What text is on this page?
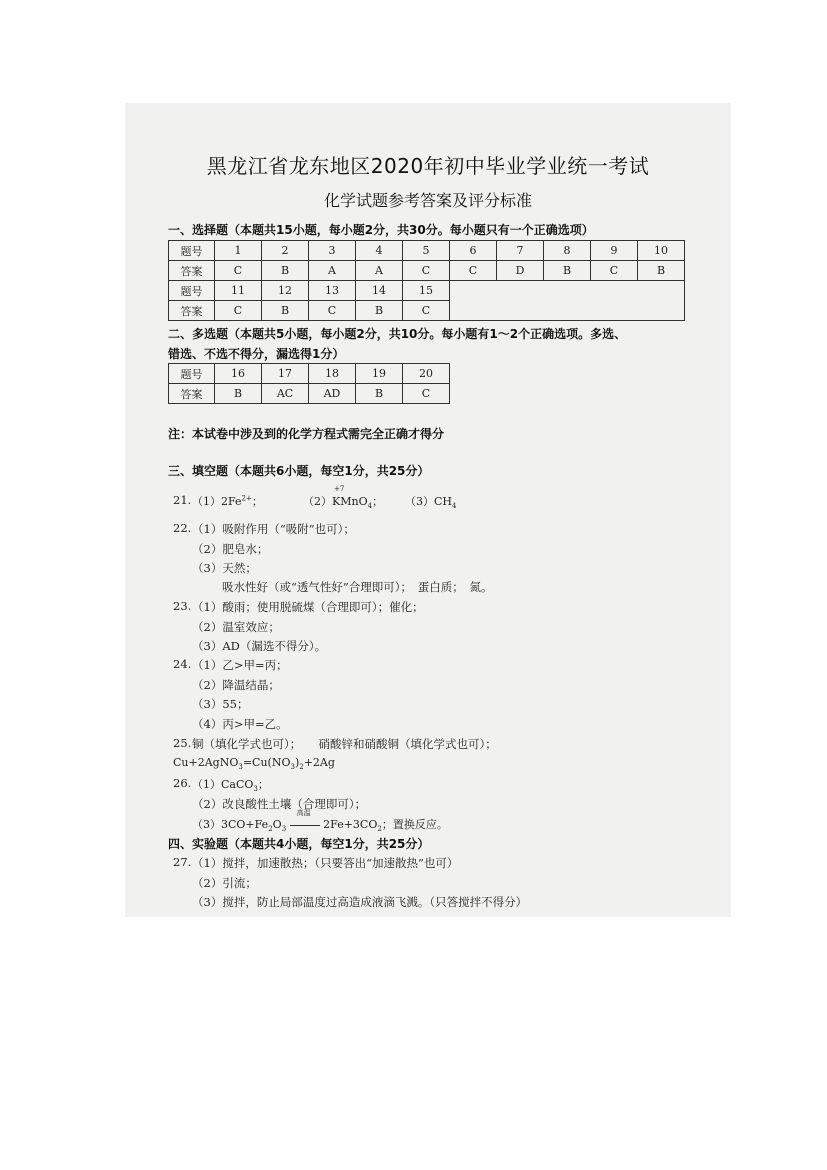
黑龙江省龙东地区2020年初中毕业学业统一考试
化学试题参考答案及评分标准
一、选择题（本题共15小题，每小题2分，共30分。每小题只有一个正确选项）
题号	1	2	3	4	5	6	7	8	9	10
答案	C	B	A	A	C	C	D	B	C	B
题号	11	12	13	14	15					
答案	C	B	C	B	C					
二、多选题（本题共5小题，每小题2分，共10分。每小题有1～2个正确选项。多选、
错选、不选不得分，漏选得1分）
题号	16	17	18	19	20
答案	B	AC	AD	B	C
注：本试卷中涉及到的化学方程式需完全正确才得分
三、填空题（本题共6小题，每空1分，共25分）
21. $(1)2Fe^{2+}$；	（2）
+7
KMnO$_4$； $(3)CH_4$
22. （1）吸附作用（“吸附”也可）；
（2）肥皂水；
（3）天然；
吸水性好（或“透气性好”合理即可）；　蛋白质；　氮。
23. （1）酸雨；使用脱硫煤（合理即可）；催化；
（2）温室效应；
（3）AD（漏选不得分）。
24. （1）乙>甲=丙；
（2）降温结晶；
（3）55；
（4）丙>甲=乙。
25. 铜（填化学式也可）；　　硝酸锌和硝酸铜（填化学式也可）；
$Cu+2AgNO_3=Cu(NO_3)_2+2Ag$
26. （1）CaCO$_3$；
（2）改良酸性土壤（合理即可）；
$(3)3CO+Fe_2O_3$
高温
$2Fe+3CO_2$；置换反应。
四、实验题（本题共4小题，每空1分，共25分）
27. （1）搅拌，加速散热；（只要答出“加速散热”也可）
（2）引流；
（3）搅拌，防止局部温度过高造成液滴飞溅。（只答搅拌不得分）
